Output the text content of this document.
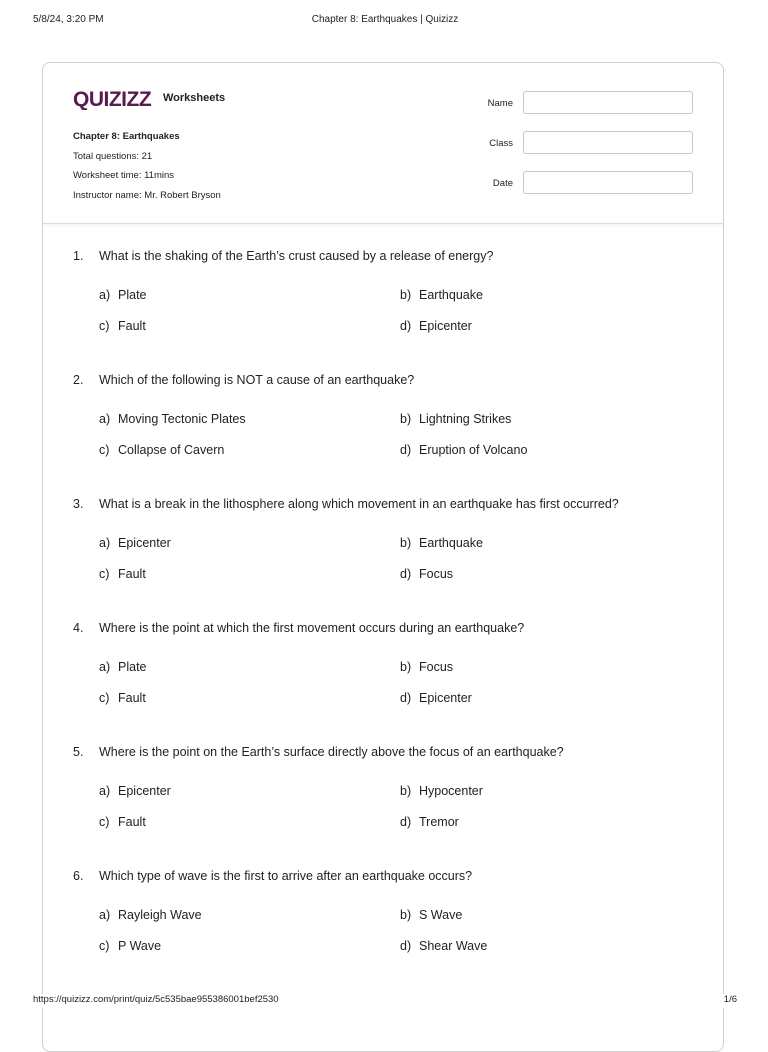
5/8/24, 3:20 PM	Chapter 8: Earthquakes | Quizizz
QUIZIZZ Worksheets
Chapter 8: Earthquakes
Total questions: 21
Worksheet time: 11mins
Instructor name: Mr. Robert Bryson
Name
Class
Date
1. What is the shaking of the Earth’s crust caused by a release of energy?
a) Plate	b) Earthquake
c) Fault	d) Epicenter
2. Which of the following is NOT a cause of an earthquake?
a) Moving Tectonic Plates	b) Lightning Strikes
c) Collapse of Cavern	d) Eruption of Volcano
3. What is a break in the lithosphere along which movement in an earthquake has first occurred?
a) Epicenter	b) Earthquake
c) Fault	d) Focus
4. Where is the point at which the first movement occurs during an earthquake?
a) Plate	b) Focus
c) Fault	d) Epicenter
5. Where is the point on the Earth’s surface directly above the focus of an earthquake?
a) Epicenter	b) Hypocenter
c) Fault	d) Tremor
6. Which type of wave is the first to arrive after an earthquake occurs?
a) Rayleigh Wave	b) S Wave
c) P Wave	d) Shear Wave
https://quizizz.com/print/quiz/5c535bae955386001bef2530	1/6
